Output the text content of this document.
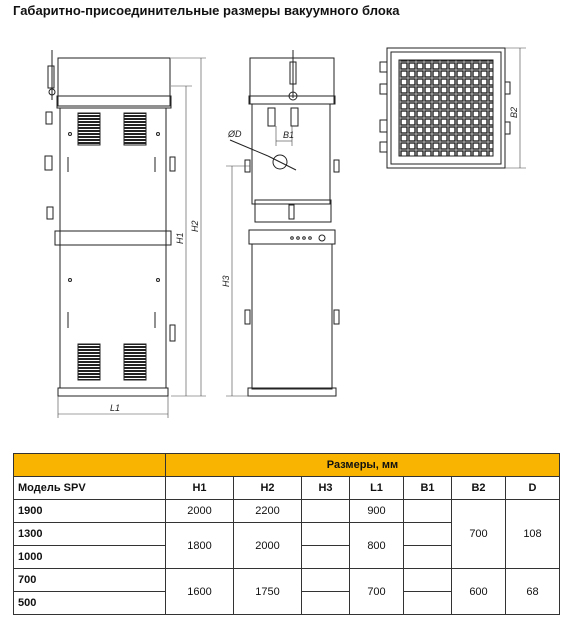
Габаритно-присоединительные размеры вакуумного блока
L1
H1
H2
B1
ØD
H3
B2
	Размеры, мм						
Модель SPV	H1	H2	H3	L1	B1	B2	D
1900	2000	2200		900		700	108
1300	1800	2000		800			
1000							
700	1600	1750		700		600	68
500							
